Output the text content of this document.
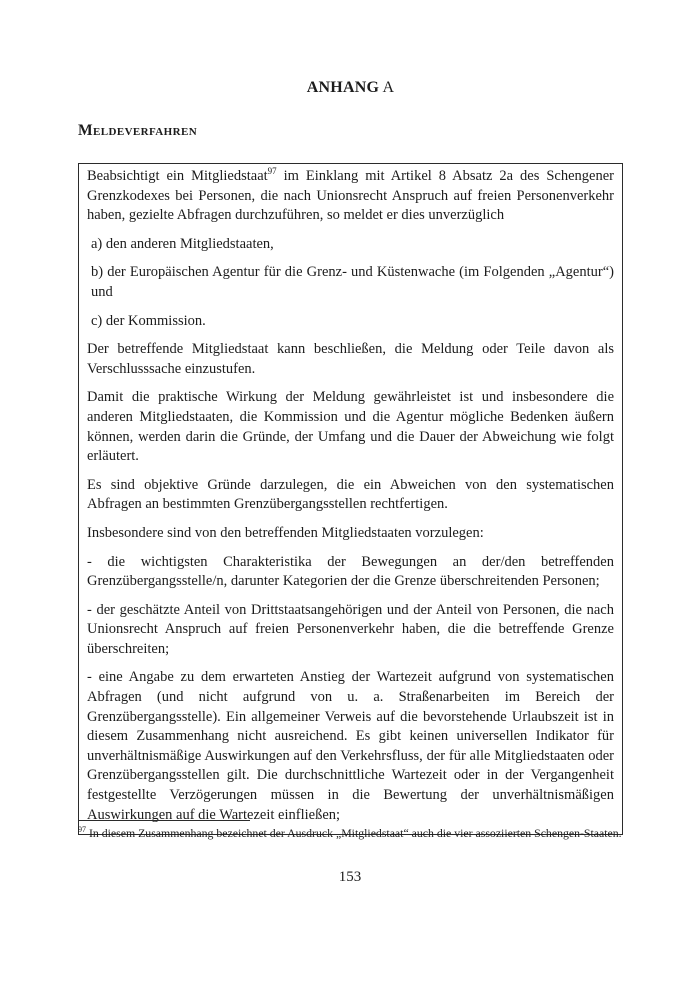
ANHANG A
Meldeverfahren

Beabsichtigt ein Mitgliedstaat$^{97}$ im Einklang mit Artikel 8 Absatz 2a des Schengener Grenzkodexes bei Personen, die nach Unionsrecht Anspruch auf freien Personenverkehr haben, gezielte Abfragen durchzuführen, so meldet er dies unverzüglich

a) den anderen Mitgliedstaaten,

b) der Europäischen Agentur für die Grenz- und Küstenwache (im Folgenden „Agentur“) und

c) der Kommission.

Der betreffende Mitgliedstaat kann beschließen, die Meldung oder Teile davon als Verschlusssache einzustufen.

Damit die praktische Wirkung der Meldung gewährleistet ist und insbesondere die anderen Mitgliedstaaten, die Kommission und die Agentur mögliche Bedenken äußern können, werden darin die Gründe, der Umfang und die Dauer der Abweichung wie folgt erläutert.

Es sind objektive Gründe darzulegen, die ein Abweichen von den systematischen Abfragen an bestimmten Grenzübergangsstellen rechtfertigen.

Insbesondere sind von den betreffenden Mitgliedstaaten vorzulegen:

- die wichtigsten Charakteristika der Bewegungen an der/den betreffenden Grenzübergangsstelle/n, darunter Kategorien der die Grenze überschreitenden Personen;

- der geschätzte Anteil von Drittstaatsangehörigen und der Anteil von Personen, die nach Unionsrecht Anspruch auf freien Personenverkehr haben, die die betreffende Grenze überschreiten;

- eine Angabe zu dem erwarteten Anstieg der Wartezeit aufgrund von systematischen Abfragen (und nicht aufgrund von u. a. Straßenarbeiten im Bereich der Grenzübergangsstelle). Ein allgemeiner Verweis auf die bevorstehende Urlaubszeit ist in diesem Zusammenhang nicht ausreichend. Es gibt keinen universellen Indikator für unverhältnismäßige Auswirkungen auf den Verkehrsfluss, der für alle Mitgliedstaaten oder Grenzübergangsstellen gilt. Die durchschnittliche Wartezeit oder in der Vergangenheit festgestellte Verzögerungen müssen in die Bewertung der unverhältnismäßigen Auswirkungen auf die Wartezeit einfließen;

$^{97}$ In diesem Zusammenhang bezeichnet der Ausdruck „Mitgliedstaat“ auch die vier assoziierten Schengen-Staaten.
153
